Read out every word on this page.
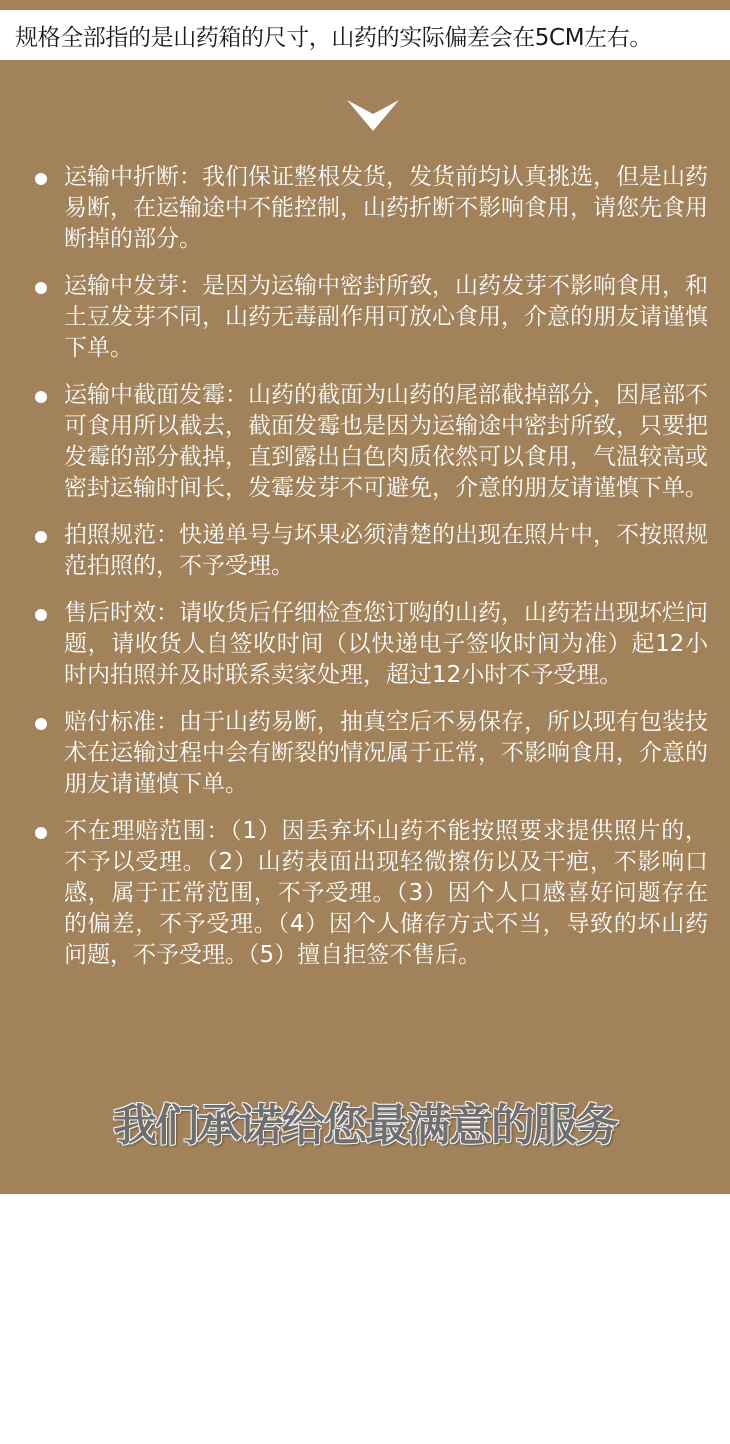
规格全部指的是山药箱的尺寸，山药的实际偏差会在5CM左右。

运输中折断：我们保证整根发货，发货前均认真挑选，但是山药易断，在运输途中不能控制，山药折断不影响食用，请您先食用断掉的部分。

运输中发芽：是因为运输中密封所致，山药发芽不影响食用，和土豆发芽不同，山药无毒副作用可放心食用，介意的朋友请谨慎下单。

运输中截面发霉：山药的截面为山药的尾部截掉部分，因尾部不可食用所以截去，截面发霉也是因为运输途中密封所致，只要把发霉的部分截掉，直到露出白色肉质依然可以食用，气温较高或密封运输时间长，发霉发芽不可避免，介意的朋友请谨慎下单。

拍照规范：快递单号与坏果必须清楚的出现在照片中，不按照规范拍照的，不予受理。

售后时效：请收货后仔细检查您订购的山药，山药若出现坏烂问题，请收货人自签收时间（以快递电子签收时间为准）起12小时内拍照并及时联系卖家处理，超过12小时不予受理。

赔付标准：由于山药易断，抽真空后不易保存，所以现有包装技术在运输过程中会有断裂的情况属于正常，不影响食用，介意的朋友请谨慎下单。

不在理赔范围：（1）因丢弃坏山药不能按照要求提供照片的，不予以受理。（2）山药表面出现轻微擦伤以及干疤，不影响口感，属于正常范围，不予受理。（3）因个人口感喜好问题存在的偏差，不予受理。（4）因个人储存方式不当，导致的坏山药问题，不予受理。（5）擅自拒签不售后。

我们承诺给您最满意的服务
